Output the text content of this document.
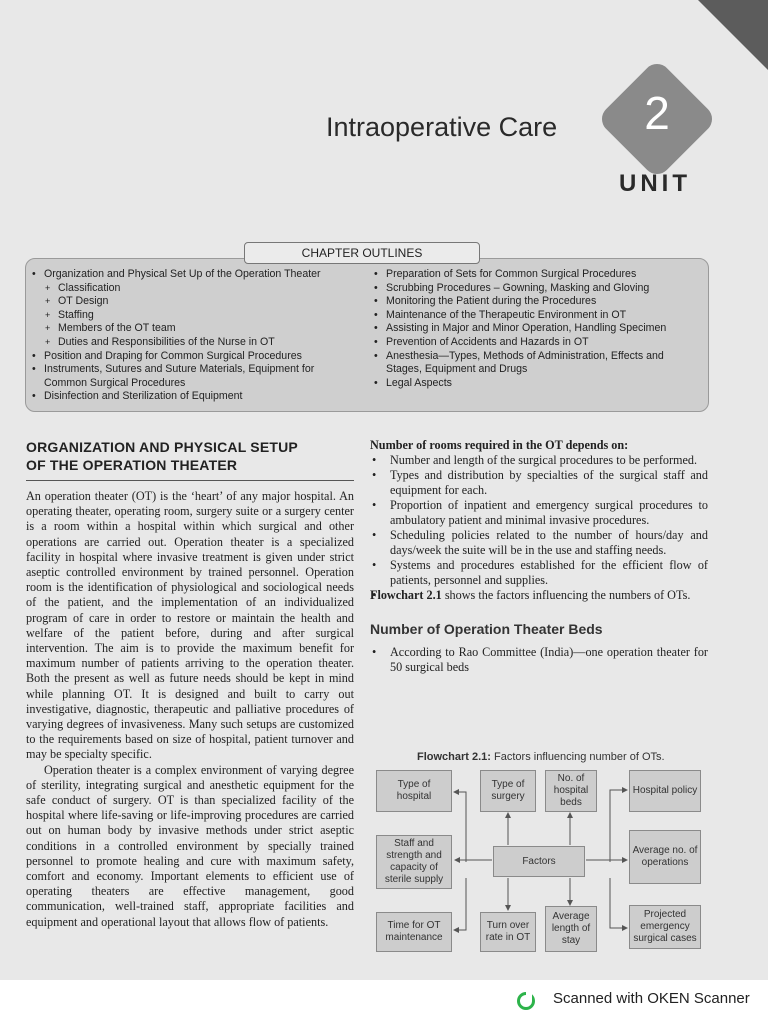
Intraoperative Care	2
UNIT
CHAPTER OUTLINES
• Organization and Physical Set Up of the Operation Theater
+ Classification
+ OT Design
+ Staffing
+ Members of the OT team
+ Duties and Responsibilities of the Nurse in OT
• Position and Draping for Common Surgical Procedures
• Instruments, Sutures and Suture Materials, Equipment for Common Surgical Procedures
• Disinfection and Sterilization of Equipment
• Preparation of Sets for Common Surgical Procedures
• Scrubbing Procedures – Gowning, Masking and Gloving
• Monitoring the Patient during the Procedures
• Maintenance of the Therapeutic Environment in OT
• Assisting in Major and Minor Operation, Handling Specimen
• Prevention of Accidents and Hazards in OT
• Anesthesia—Types, Methods of Administration, Effects and Stages, Equipment and Drugs
• Legal Aspects
ORGANIZATION AND PHYSICAL SETUP
OF THE OPERATION THEATER

An operation theater (OT) is the ‘heart’ of any major hospital. An operating theater, operating room, surgery suite or a surgery center is a room within a hospital within which surgical and other operations are carried out. Operation theater is a specialized facility in hospital where invasive treatment is given under strict aseptic controlled environment by trained personnel. Operation room is the identification of physiological and sociological needs of the patient, and the implementation of an individualized program of care in order to restore or maintain the health and welfare of the patient before, during and after surgical intervention. The aim is to provide the maximum benefit for maximum number of patients arriving to the operation theater. Both the present as well as future needs should be kept in mind while planning OT. It is designed and built to carry out investigative, diagnostic, therapeutic and palliative procedures of varying degrees of invasiveness. Many such setups are customized to the requirements based on size of hospital, patient turnover and may be specialty specific.

Operation theater is a complex environment of varying degree of sterility, integrating surgical and anesthetic equipment for the safe conduct of surgery. OT is than specialized facility of the hospital where life-saving or life-improving procedures are carried out on human body by invasive methods under strict aseptic conditions in a controlled environment by specially trained personnel to promote healing and cure with maximum safety, comfort and economy. Important elements to efficient use of operating theaters are effective management, good communication, well-trained staff, appropriate facilities and equipment and operational layout that allows flow of patients.

Number of rooms required in the OT depends on:
• Number and length of the surgical procedures to be performed.
• Types and distribution by specialties of the surgical staff and equipment for each.
• Proportion of inpatient and emergency surgical procedures to ambulatory patient and minimal invasive procedures.
• Scheduling policies related to the number of hours/day and days/week the suite will be in the use and staffing needs.
• Systems and procedures established for the efficient flow of patients, personnel and supplies.
• Flowchart 2.1 shows the factors influencing the numbers of OTs.
Number of Operation Theater Beds
• According to Rao Committee (India)—one operation theater for 50 surgical beds
Flowchart 2.1: Factors influencing number of OTs.
Type of hospital
Type of surgery
No. of hospital beds
Hospital policy
Staff and strength and capacity of sterile supply
Factors
Average no. of operations
Time for OT maintenance
Turn over rate in OT
Average length of stay
Projected emergency surgical cases
Scanned with OKEN Scanner
